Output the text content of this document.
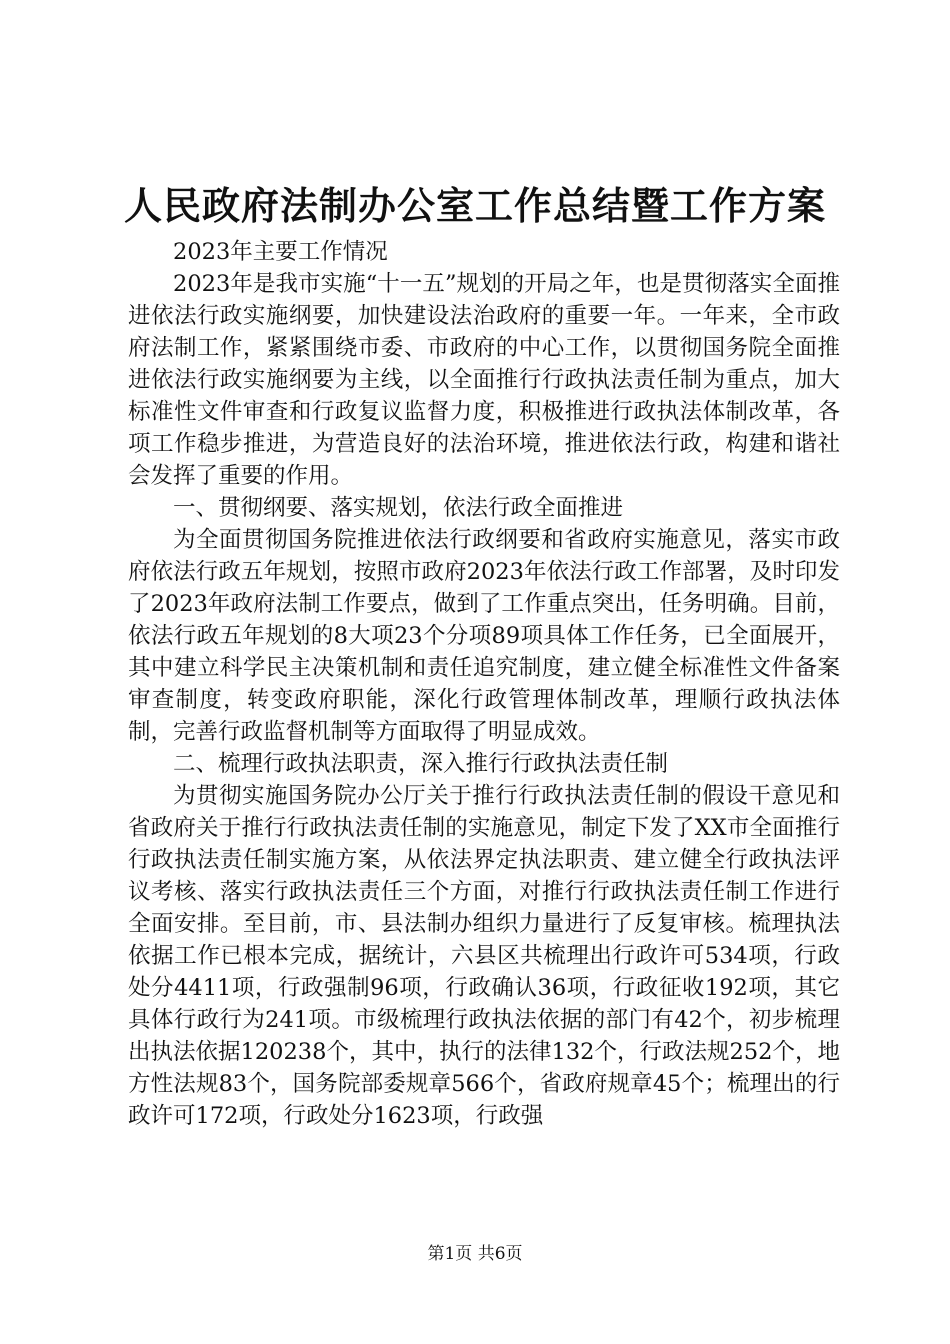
人民政府法制办公室工作总结暨工作方案

2023年主要工作情况

2023年是我市实施“十一五”规划的开局之年，也是贯彻落实全面推进依法行政实施纲要，加快建设法治政府的重要一年。一年来，全市政府法制工作，紧紧围绕市委、市政府的中心工作，以贯彻国务院全面推进依法行政实施纲要为主线，以全面推行行政执法责任制为重点，加大标准性文件审查和行政复议监督力度，积极推进行政执法体制改革，各项工作稳步推进，为营造良好的法治环境，推进依法行政，构建和谐社会发挥了重要的作用。

一、贯彻纲要、落实规划，依法行政全面推进

为全面贯彻国务院推进依法行政纲要和省政府实施意见，落实市政府依法行政五年规划，按照市政府2023年依法行政工作部署，及时印发了2023年政府法制工作要点，做到了工作重点突出，任务明确。目前，依法行政五年规划的8大项23个分项89项具体工作任务，已全面展开，其中建立科学民主决策机制和责任追究制度，建立健全标准性文件备案审查制度，转变政府职能，深化行政管理体制改革，理顺行政执法体制，完善行政监督机制等方面取得了明显成效。

二、梳理行政执法职责，深入推行行政执法责任制

为贯彻实施国务院办公厅关于推行行政执法责任制的假设干意见和省政府关于推行行政执法责任制的实施意见，制定下发了XX市全面推行行政执法责任制实施方案，从依法界定执法职责、建立健全行政执法评议考核、落实行政执法责任三个方面，对推行行政执法责任制工作进行全面安排。至目前，市、县法制办组织力量进行了反复审核。梳理执法依据工作已根本完成，据统计，六县区共梳理出行政许可534项，行政处分4411项，行政强制96项，行政确认36项，行政征收192项，其它具体行政行为241项。市级梳理行政执法依据的部门有42个，初步梳理出执法依据120238个，其中，执行的法律132个，行政法规252个，地方性法规83个，国务院部委规章566个，省政府规章45个；梳理出的行政许可172项，行政处分1623项，行政强

第1页 共6页
